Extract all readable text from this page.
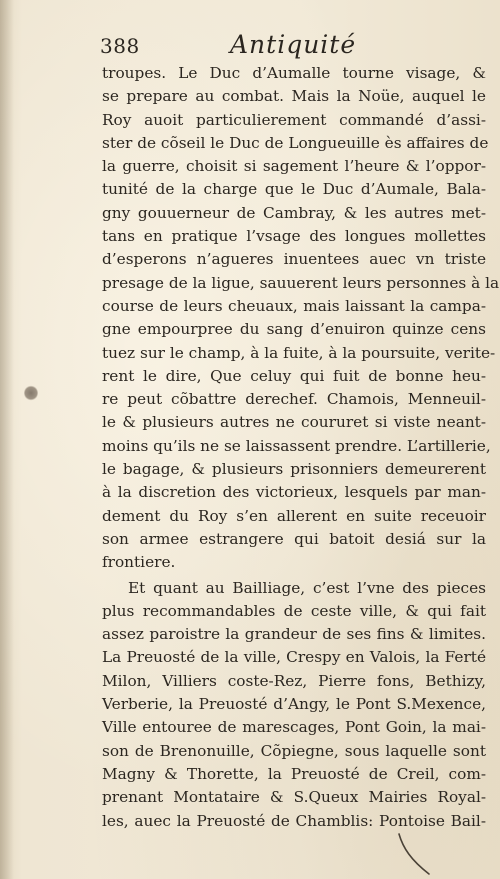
388	Antiquité
troupes. Le Duc d’Aumalle tourne visage, &
se prepare au combat. Mais la Noüe, auquel le
Roy auoit particulierement commandé d’assi-
ster de cõseil le Duc de Longueuille ès affaires de
la guerre, choisit si sagement l’heure & l’oppor-
tunité de la charge que le Duc d’Aumale, Bala-
gny gouuerneur de Cambray, & les autres met-
tans en pratique l’vsage des longues mollettes
d’esperons n’agueres inuentees auec vn triste
presage de la ligue, sauuerent leurs personnes à la
course de leurs cheuaux, mais laissant la campa-
gne empourpree du sang d’enuiron quinze cens
tuez sur le champ, à la fuite, à la poursuite, verite-
rent le dire, Que celuy qui fuit de bonne heu-
re peut cõbattre derechef. Chamois, Menneuil-
le & plusieurs autres ne coururet si viste neant-
moins qu’ils ne se laissassent prendre. L’artillerie,
le bagage, & plusieurs prisonniers demeurerent
à la discretion des victorieux, lesquels par man-
dement du Roy s’en allerent en suite receuoir
son armee estrangere qui batoit desiá sur la
frontiere.
Et quant au Bailliage, c’est l’vne des pieces
plus recommandables de ceste ville, & qui fait
assez paroistre la grandeur de ses fins & limites.
La Preuosté de la ville, Crespy en Valois, la Ferté
Milon, Villiers coste-Rez, Pierre fons, Bethizy,
Verberie, la Preuosté d’Angy, le Pont S.Mexence,
Ville entouree de marescages, Pont Goin, la mai-
son de Brenonuille, Cõpiegne, sous laquelle sont
Magny & Thorette, la Preuosté de Creil, com-
prenant Montataire & S.Queux Mairies Royal-
les, auec la Preuosté de Chamblis: Pontoise Bail-
